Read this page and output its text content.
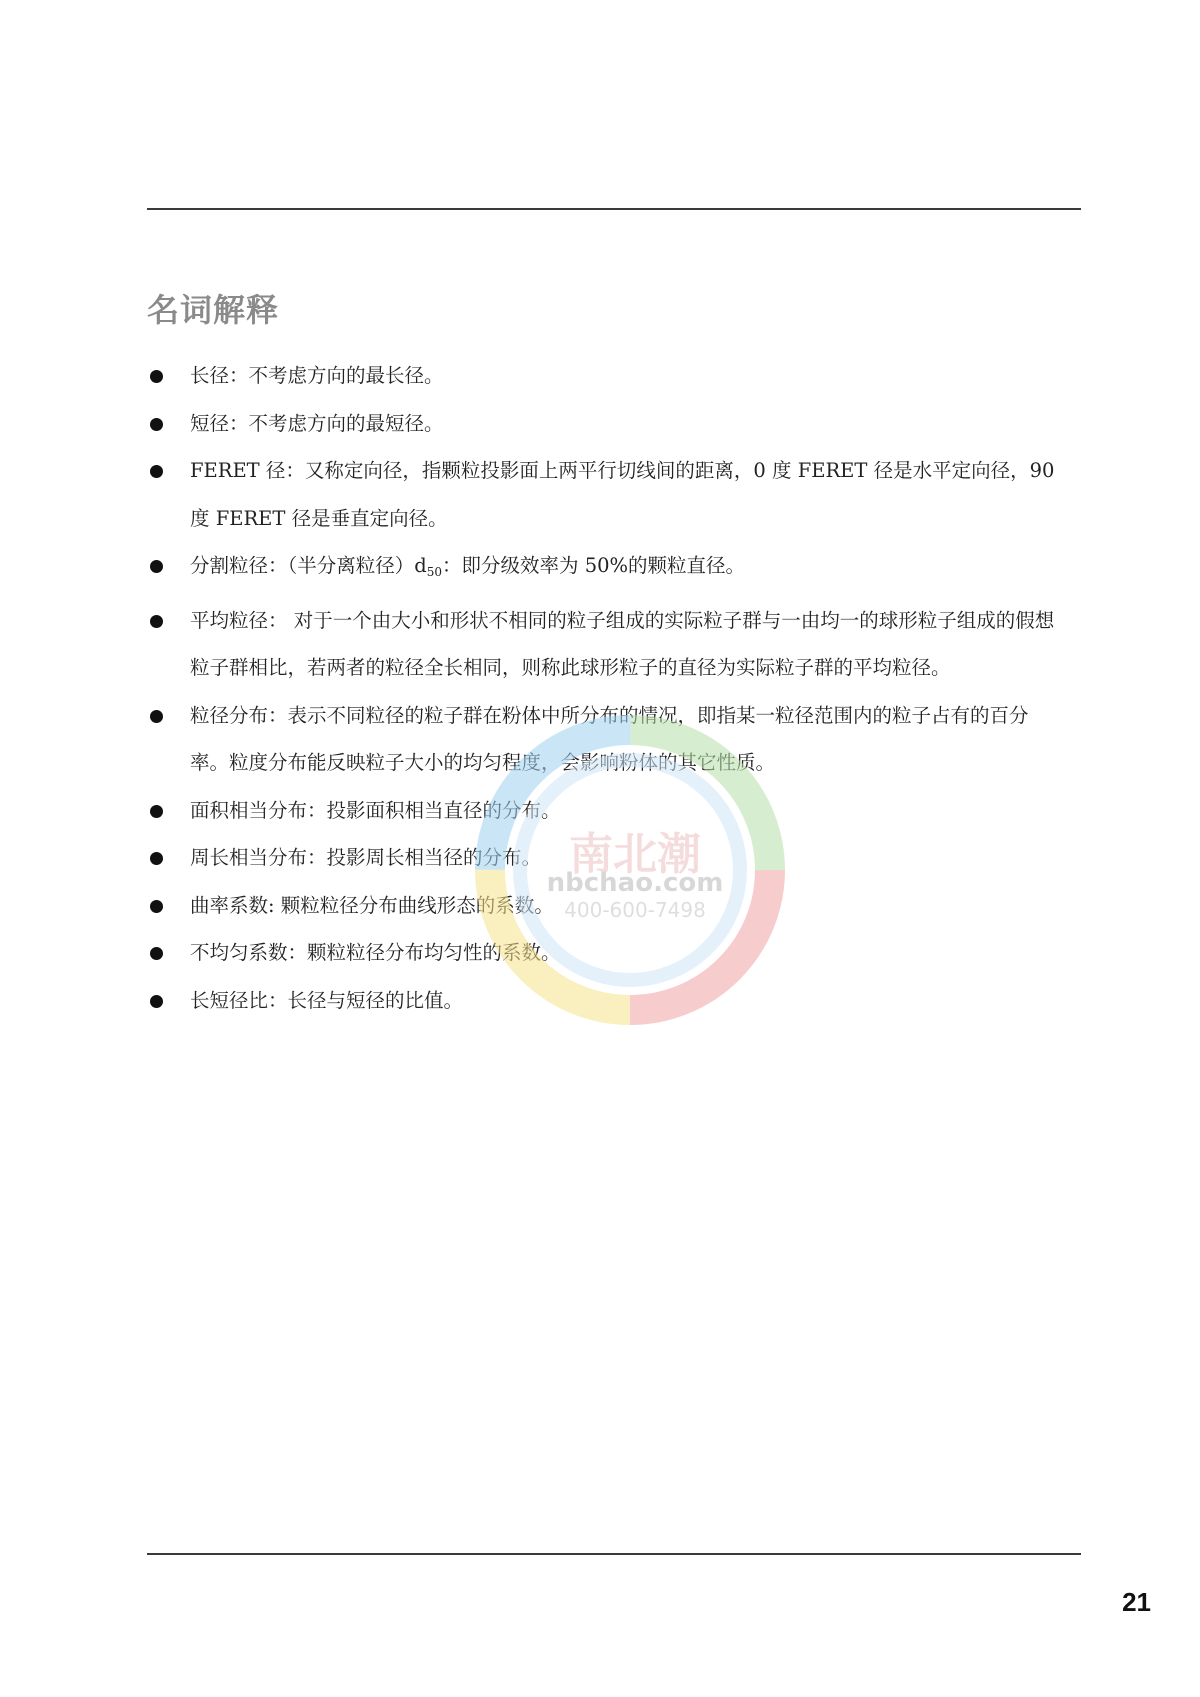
名词解释
长径：不考虑方向的最长径。
短径：不考虑方向的最短径。
FERET 径：又称定向径，指颗粒投影面上两平行切线间的距离，0 度 FERET 径是水平定向径，90 度 FERET 径是垂直定向径。
分割粒径：（半分离粒径）$d_{50}$：即分级效率为 50%的颗粒直径。
平均粒径： 对于一个由大小和形状不相同的粒子组成的实际粒子群与一由均一的球形粒子组成的假想粒子群相比，若两者的粒径全长相同，则称此球形粒子的直径为实际粒子群的平均粒径。
粒径分布：表示不同粒径的粒子群在粉体中所分布的情况，即指某一粒径范围内的粒子占有的百分率。粒度分布能反映粒子大小的均匀程度，会影响粉体的其它性质。
面积相当分布：投影面积相当直径的分布。
周长相当分布：投影周长相当径的分布。
曲率系数: 颗粒粒径分布曲线形态的系数。
不均匀系数：颗粒粒径分布均匀性的系数。
长短径比：长径与短径的比值。
南北潮
nbchao.com
400-600-7498
21
